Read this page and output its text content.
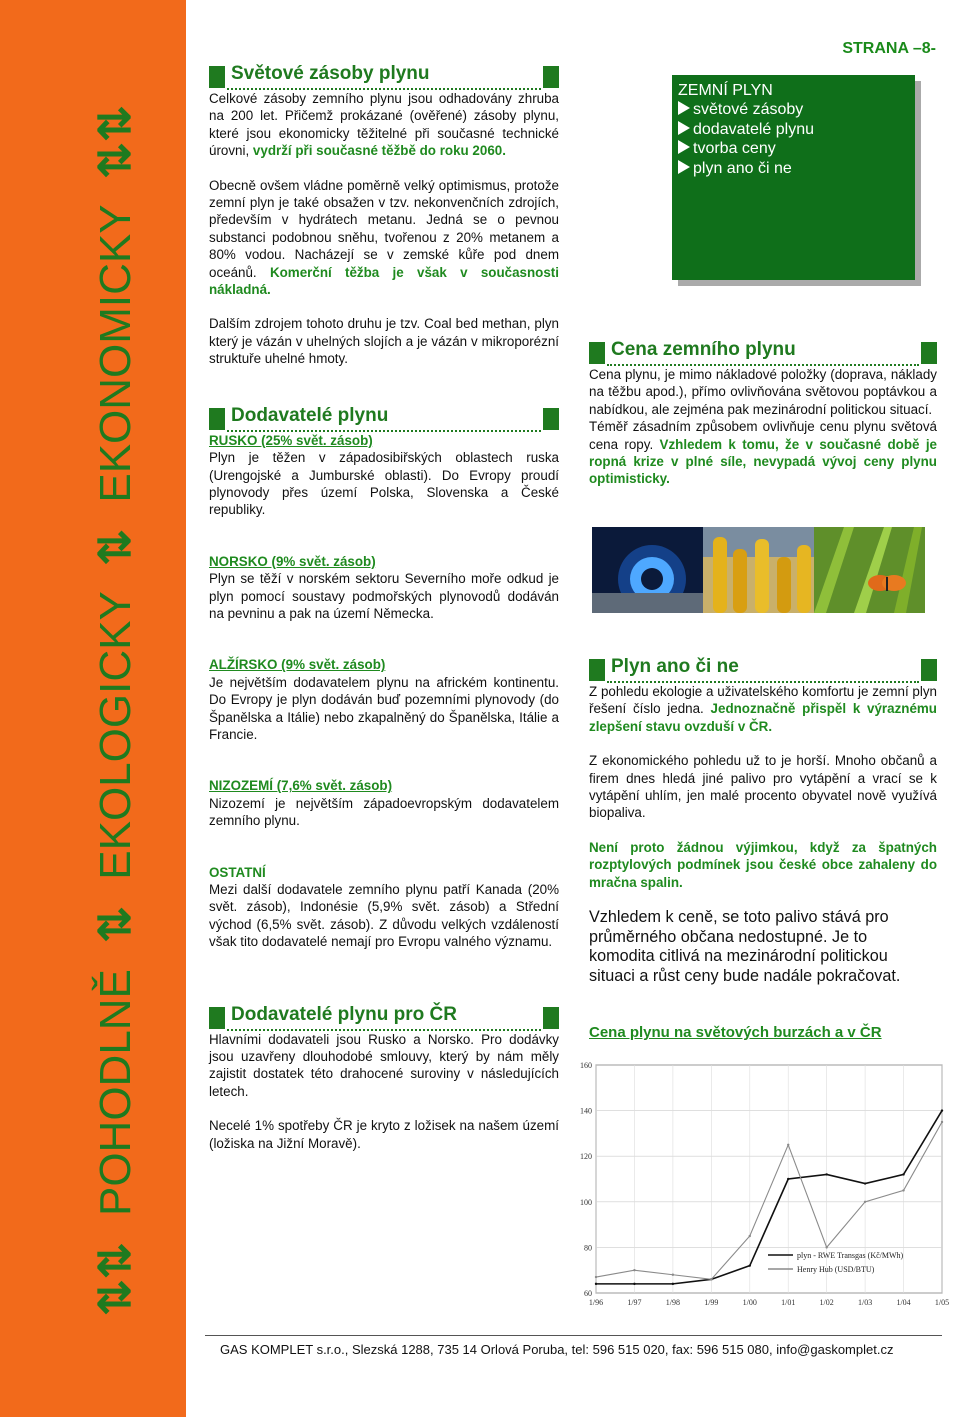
⇅⇅ POHODLNĚ ⇅ EKOLOGICKY ⇅ EKONOMICKY ⇅⇅
STRANA –8-
Světové zásoby plynu

Celkové zásoby zemního plynu jsou odhadovány zhruba na 200 let. Přičemž prokázané (ověřené) zásoby plynu, které jsou ekonomicky těžitelné při současné technické úrovni, vydrží při současné těžbě do roku 2060.

Obecně ovšem vládne poměrně velký optimismus, protože zemní plyn je také obsažen v tzv. nekonvenčních zdrojích, především v hydrátech metanu. Jedná se o pevnou substanci podobnou sněhu, tvořenou z 20% metanem a 80% vodou. Nacházejí se v zemské kůře pod dnem oceánů. Komerční těžba je však v současnosti nákladná.

Dalším zdrojem tohoto druhu je tzv. Coal bed methan, plyn který je vázán v uhelných slojích a je vázán v mikroporézní struktuře uhelné hmoty.

Dodavatelé plynu
RUSKO (25% svět. zásob)

Plyn je těžen v západosibiřských oblastech ruska (Urengojské a Jumburské oblasti). Do Evropy proudí plynovody přes území Polska, Slovenska a České republiky.

NORSKO (9% svět. zásob)

Plyn se těží v norském sektoru Severního moře odkud je plyn pomocí soustavy podmořských plynovodů dodáván na pevninu a pak na území Německa.

ALŽÍRSKO (9% svět. zásob)

Je největším dodavatelem plynu na africkém kontinentu. Do Evropy je plyn dodáván buď pozemními plynovody (do Španělska a Itálie) nebo zkapalněný do Španělska, Itálie a Francie.

NIZOZEMÍ (7,6% svět. zásob)

Nizozemí je největším západoevropským dodavatelem zemního plynu.

OSTATNÍ

Mezi další dodavatele zemního plynu patří Kanada (20% svět. zásob), Indonésie (5,9% svět. zásob) a Střední východ (6,5% svět. zásob). Z důvodu velkých vzdáleností však tito dodavatelé nemají pro Evropu valného významu.

Dodavatelé plynu pro ČR

Hlavními dodavateli jsou Rusko a Norsko. Pro dodávky jsou uzavřeny dlouhodobé smlouvy, který by nám měly zajistit dostatek této drahocené suroviny v následujících letech.

Necelé 1% spotřeby ČR je kryto z ložisek na našem území (ložiska na Jižní Moravě).

ZEMNÍ PLYN
světové zásoby
dodavatelé plynu
tvorba ceny
plyn ano či ne
Cena zemního plynu

Cena plynu, je mimo nákladové položky (doprava, náklady na těžbu apod.), přímo ovlivňována světovou poptávkou a nabídkou, ale zejména pak mezinárodní politickou situací.

Téměř zásadním způsobem ovlivňuje cenu plynu světová cena ropy. Vzhledem k tomu, že v současné době je ropná krize v plné síle, nevypadá vývoj ceny plynu optimisticky.

Plyn ano či ne

Z pohledu ekologie a uživatelského komfortu je zemní plyn řešení číslo jedna. Jednoznačně přispěl k výraznému zlepšení stavu ovzduší v ČR.

Z ekonomického pohledu už to je horší. Mnoho občanů a firem dnes hledá jiné palivo pro vytápění a vrací se k vytápění uhlím, jen malé procento obyvatel nově využívá biopaliva.

Není proto žádnou výjimkou, když za špatných rozptylových podmínek jsou české obce zahaleny do mračna spalin.

Vzhledem k ceně, se toto palivo stává pro průměrného občana nedostupné. Je to komodita citlivá na mezinárodní politickou situaci a růst ceny bude nadále pokračovat.

Cena plynu na světových burzách a v ČR
160
140
120
100
80
60
1/96	1/97	1/98	1/99	1/00	1/01	1/02	1/03	1/04	1/05
plyn - RWE Transgas (Kč/MWh)
Henry Hub (USD/BTU)
GAS KOMPLET s.r.o., Slezská 1288, 735 14 Orlová Poruba, tel: 596 515 020, fax: 596 515 080, info@gaskomplet.cz
